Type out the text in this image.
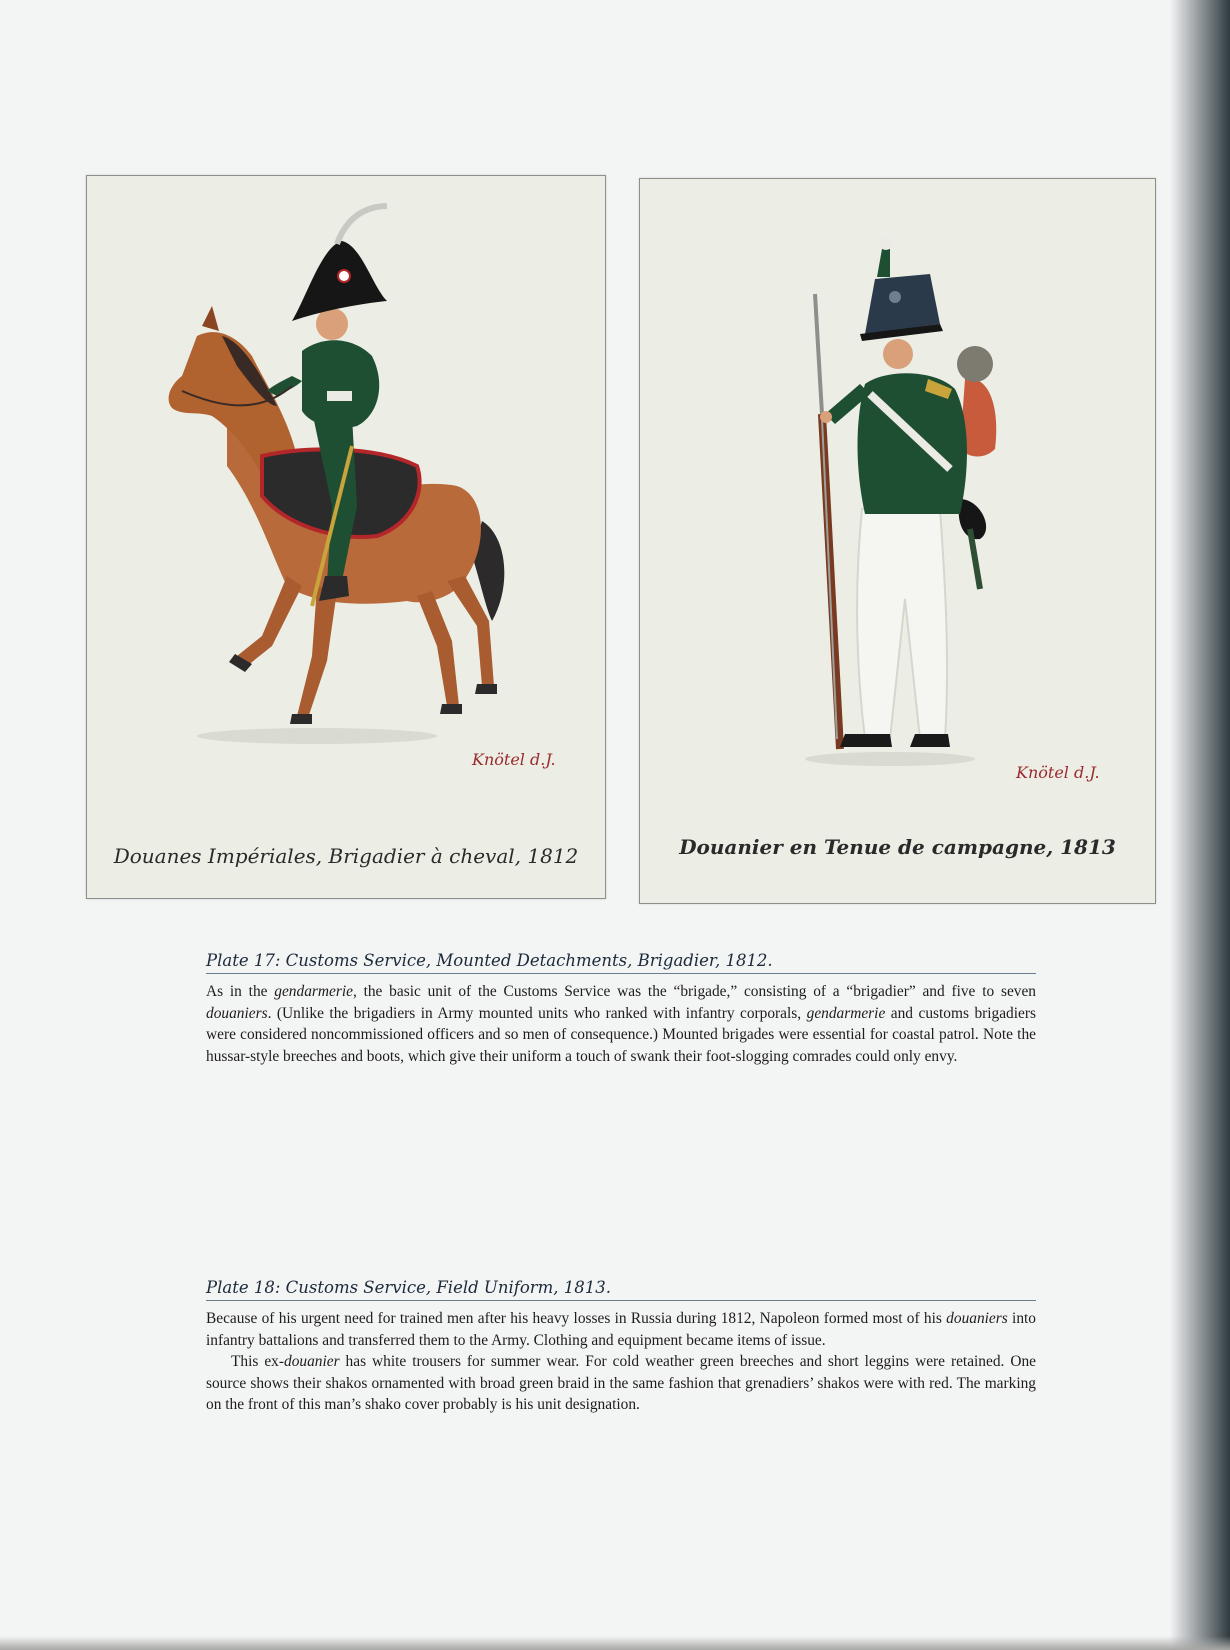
Knötel d.J.
Douanes Impériales, Brigadier à cheval, 1812
Knötel d.J.
Douanier en Tenue de campagne, 1813
Plate 17: Customs Service, Mounted Detachments, Brigadier, 1812.

As in the gendarmerie, the basic unit of the Customs Service was the “brigade,” consisting of a “brigadier” and five to seven douaniers. (Unlike the brigadiers in Army mounted units who ranked with infantry corporals, gendarmerie and customs brigadiers were considered noncommissioned officers and so men of consequence.) Mounted brigades were essential for coastal patrol. Note the hussar-style breeches and boots, which give their uniform a touch of swank their foot-slogging comrades could only envy.

Plate 18: Customs Service, Field Uniform, 1813.

Because of his urgent need for trained men after his heavy losses in Russia during 1812, Napoleon formed most of his douaniers into infantry battalions and transferred them to the Army. Clothing and equipment became items of issue.

This ex-douanier has white trousers for summer wear. For cold weather green breeches and short leggins were retained. One source shows their shakos ornamented with broad green braid in the same fashion that grenadiers’ shakos were with red. The marking on the front of this man’s shako cover probably is his unit designation.
